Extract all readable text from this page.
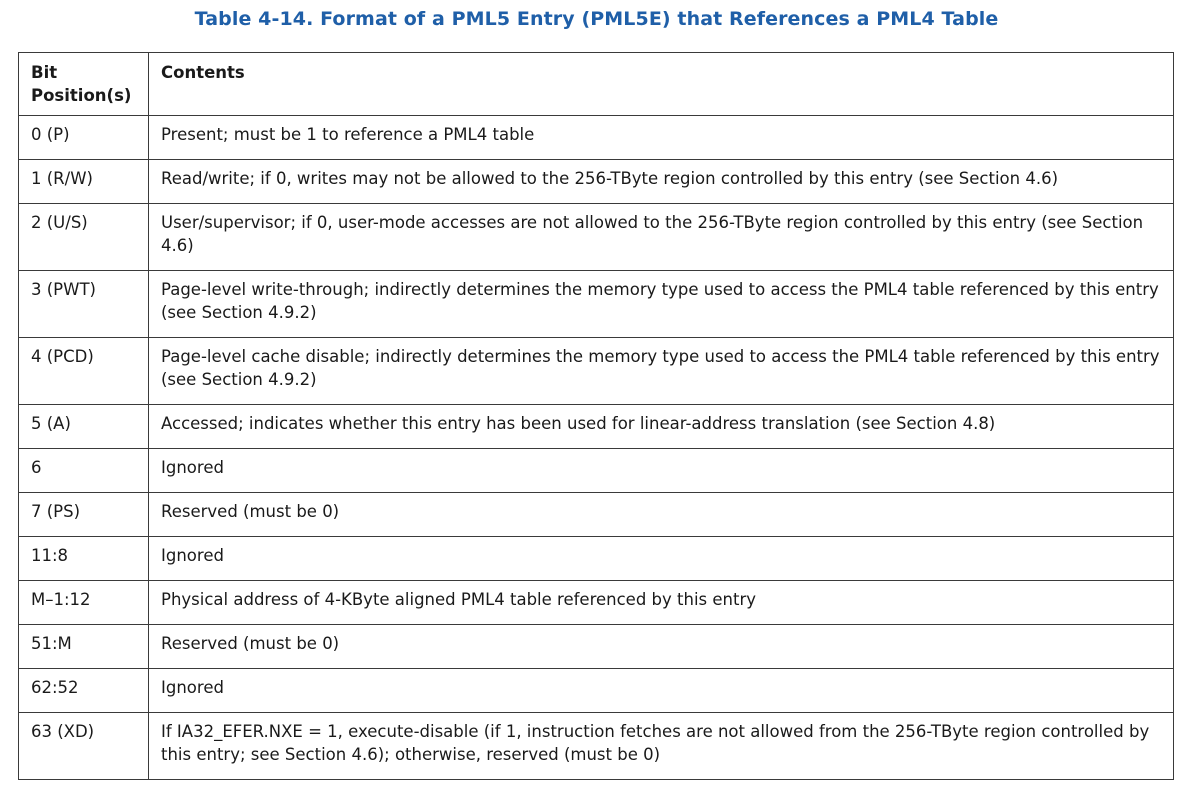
Table 4-14. Format of a PML5 Entry (PML5E) that References a PML4 Table
Bit
Position(s)	Contents
0 (P)	Present; must be 1 to reference a PML4 table
1 (R/W)	Read/write; if 0, writes may not be allowed to the 256-TByte region controlled by this entry (see Section 4.6)
2 (U/S)	User/supervisor; if 0, user-mode accesses are not allowed to the 256-TByte region controlled by this entry (see Section 4.6)
3 (PWT)	Page-level write-through; indirectly determines the memory type used to access the PML4 table referenced by this entry (see Section 4.9.2)
4 (PCD)	Page-level cache disable; indirectly determines the memory type used to access the PML4 table referenced by this entry (see Section 4.9.2)
5 (A)	Accessed; indicates whether this entry has been used for linear-address translation (see Section 4.8)
6	Ignored
7 (PS)	Reserved (must be 0)
11:8	Ignored
M–1:12	Physical address of 4-KByte aligned PML4 table referenced by this entry
51:M	Reserved (must be 0)
62:52	Ignored
63 (XD)	If IA32_EFER.NXE = 1, execute-disable (if 1, instruction fetches are not allowed from the 256-TByte region controlled by this entry; see Section 4.6); otherwise, reserved (must be 0)
